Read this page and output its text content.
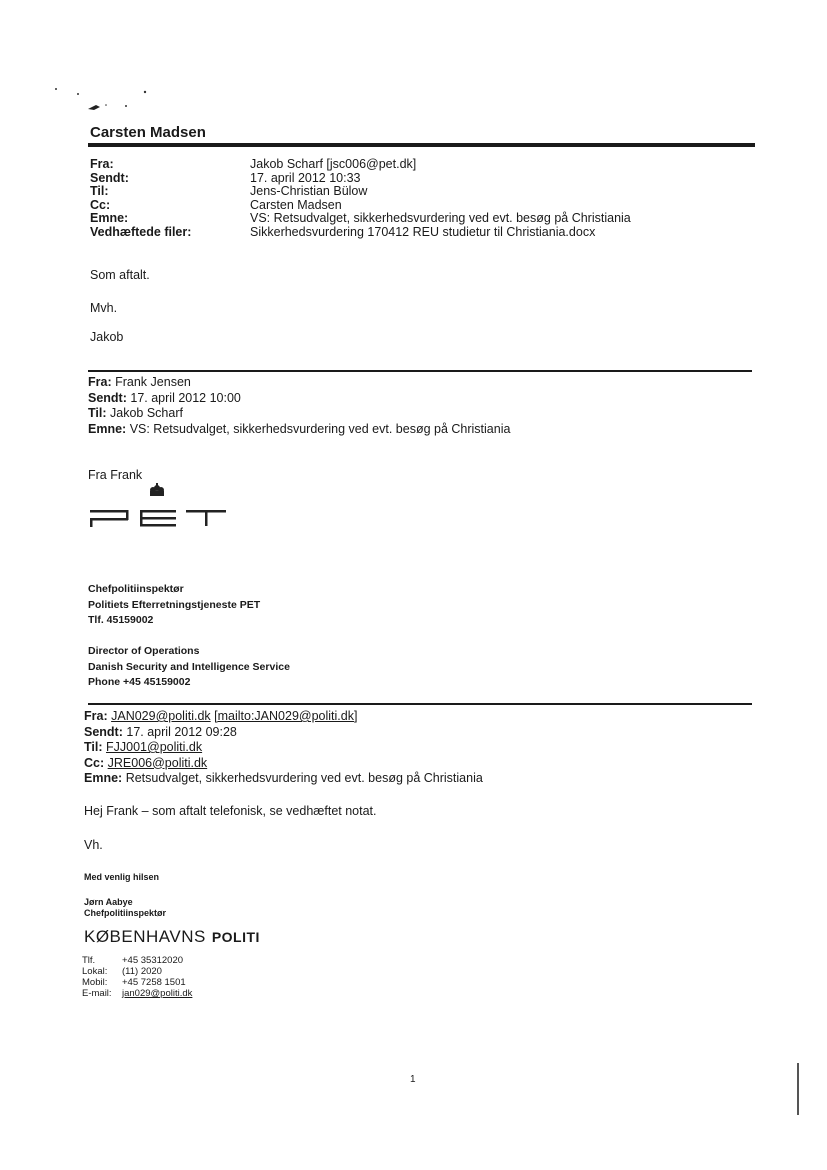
Carsten Madsen
Fra:	Jakob Scharf [jsc006@pet.dk]
Sendt:	17. april 2012 10:33
Til:	Jens-Christian Bülow
Cc:	Carsten Madsen
Emne:	VS: Retsudvalget, sikkerhedsvurdering ved evt. besøg på Christiania
Vedhæftede filer:	Sikkerhedsvurdering 170412 REU studietur til Christiania.docx
Som aftalt.
Mvh.
Jakob
Fra: Frank Jensen
Sendt: 17. april 2012 10:00
Til: Jakob Scharf
Emne: VS: Retsudvalget, sikkerhedsvurdering ved evt. besøg på Christiania
Fra Frank
Chefpolitiinspektør
Politiets Efterretningstjeneste PET
Tlf. 45159002
Director of Operations
Danish Security and Intelligence Service
Phone +45 45159002
Fra: JAN029@politi.dk [mailto:JAN029@politi.dk]
Sendt: 17. april 2012 09:28
Til: FJJ001@politi.dk
Cc: JRE006@politi.dk
Emne: Retsudvalget, sikkerhedsvurdering ved evt. besøg på Christiania
Hej Frank – som aftalt telefonisk, se vedhæftet notat.
Vh.
Med venlig hilsen
Jørn Aabye
Chefpolitiinspektør
KØBENHAVNS POLITI
Tlf.	+45 35312020
Lokal:	(11) 2020
Mobil:	+45 7258 1501
E-mail:	jan029@politi.dk
1
